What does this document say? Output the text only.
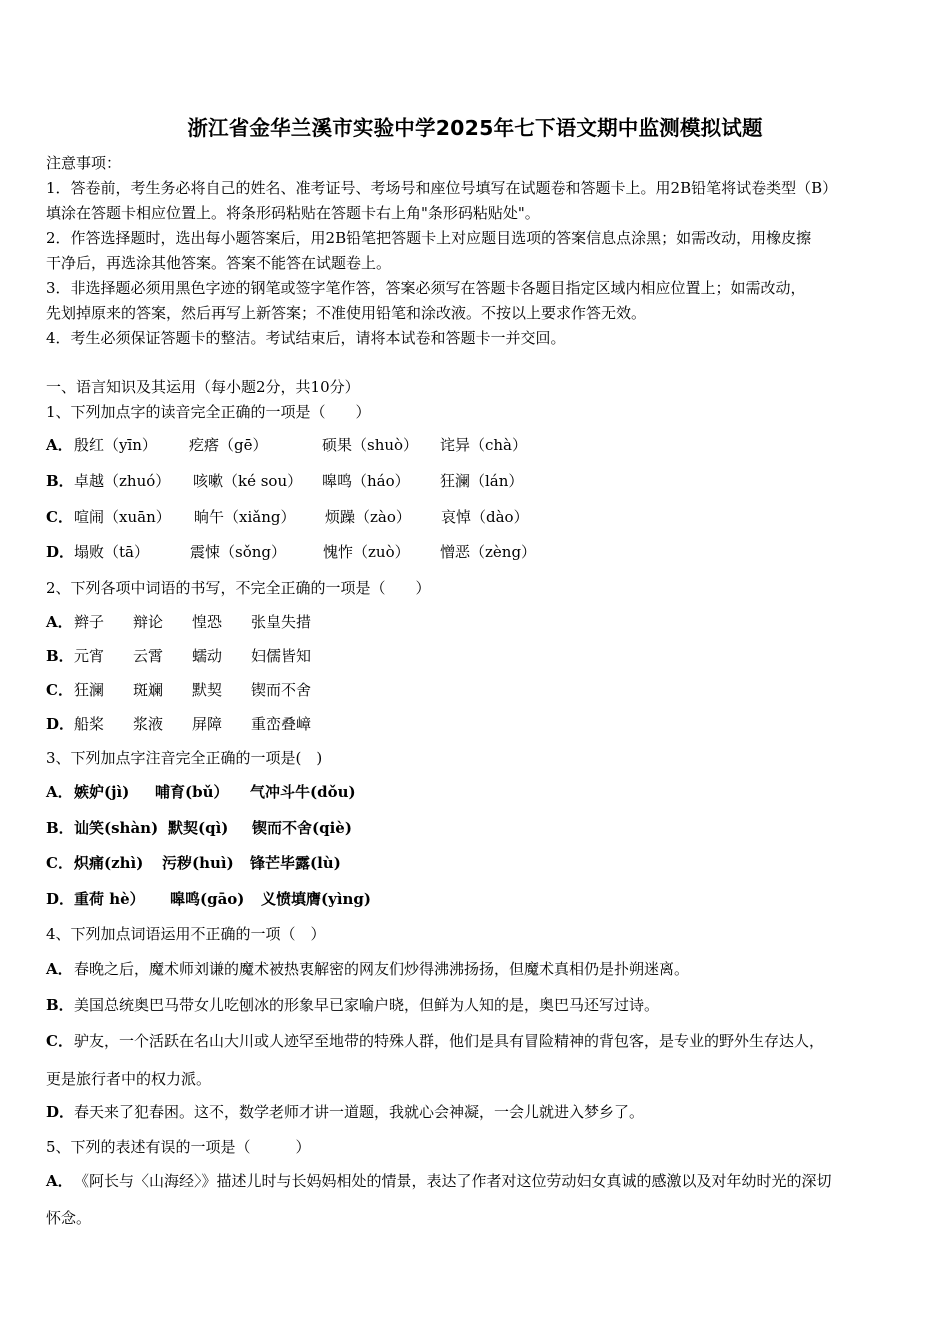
浙江省金华兰溪市实验中学2025年七下语文期中监测模拟试题
注意事项：
1．答卷前，考生务必将自己的姓名、准考证号、考场号和座位号填写在试题卷和答题卡上。用2B铅笔将试卷类型（B）
填涂在答题卡相应位置上。将条形码粘贴在答题卡右上角"条形码粘贴处"。
2．作答选择题时，选出每小题答案后，用2B铅笔把答题卡上对应题目选项的答案信息点涂黑；如需改动，用橡皮擦
干净后，再选涂其他答案。答案不能答在试题卷上。
3．非选择题必须用黑色字迹的钢笔或签字笔作答，答案必须写在答题卡各题目指定区域内相应位置上；如需改动，
先划掉原来的答案，然后再写上新答案；不准使用铅笔和涂改液。不按以上要求作答无效。
4．考生必须保证答题卡的整洁。考试结束后，请将本试卷和答题卡一并交回。
一、语言知识及其运用（每小题2分，共10分）
1、下列加点字的读音完全正确的一项是（　　）
A． 殷红（yīn） 疙瘩（gē）	硕果（shuò） 诧异（chà）
B． 卓越（zhuó） 咳嗽（ké sou） 嗥鸣（háo） 狂澜（lán）
C． 喧闹（xuān） 晌午（xiǎng） 烦躁（zào） 哀悼（dào）
D． 塌败（tā）	震悚（sǒng） 愧怍（zuò） 憎恶（zèng）
2、下列各项中词语的书写，不完全正确的一项是（　　）
A． 辫子 辩论 惶恐 张皇失措
B． 元宵 云霄 蠕动 妇儒皆知
C． 狂澜 斑斓 默契 锲而不舍
D． 船桨 浆液 屏障 重峦叠嶂
3、下列加点字注音完全正确的一项是(　)
A． 嫉妒(jì) 哺育(bǔ） 气冲斗牛(dǒu)
B． 讪笑(shàn) 默契(qì) 锲而不舍(qiè)
C． 炽痛(zhì) 污秽(huì) 锋芒毕露(lù)
D． 重荷 hè） 嗥鸣(gāo) 义愤填膺(yìng)
4、下列加点词语运用不正确的一项（　）
A． 春晚之后，魔术师刘谦的魔术被热衷解密的网友们炒得沸沸扬扬，但魔术真相仍是扑朔迷离。
B． 美国总统奥巴马带女儿吃刨冰的形象早已家喻户晓，但鲜为人知的是，奥巴马还写过诗。
C． 驴友，一个活跃在名山大川或人迹罕至地带的特殊人群，他们是具有冒险精神的背包客，是专业的野外生存达人，
更是旅行者中的权力派。
D． 春天来了犯春困。这不，数学老师才讲一道题，我就心会神凝，一会儿就进入梦乡了。
5、下列的表述有误的一项是（　　　）
A． 《阿长与〈山海经〉》描述儿时与长妈妈相处的情景，表达了作者对这位劳动妇女真诚的感激以及对年幼时光的深切
怀念。
